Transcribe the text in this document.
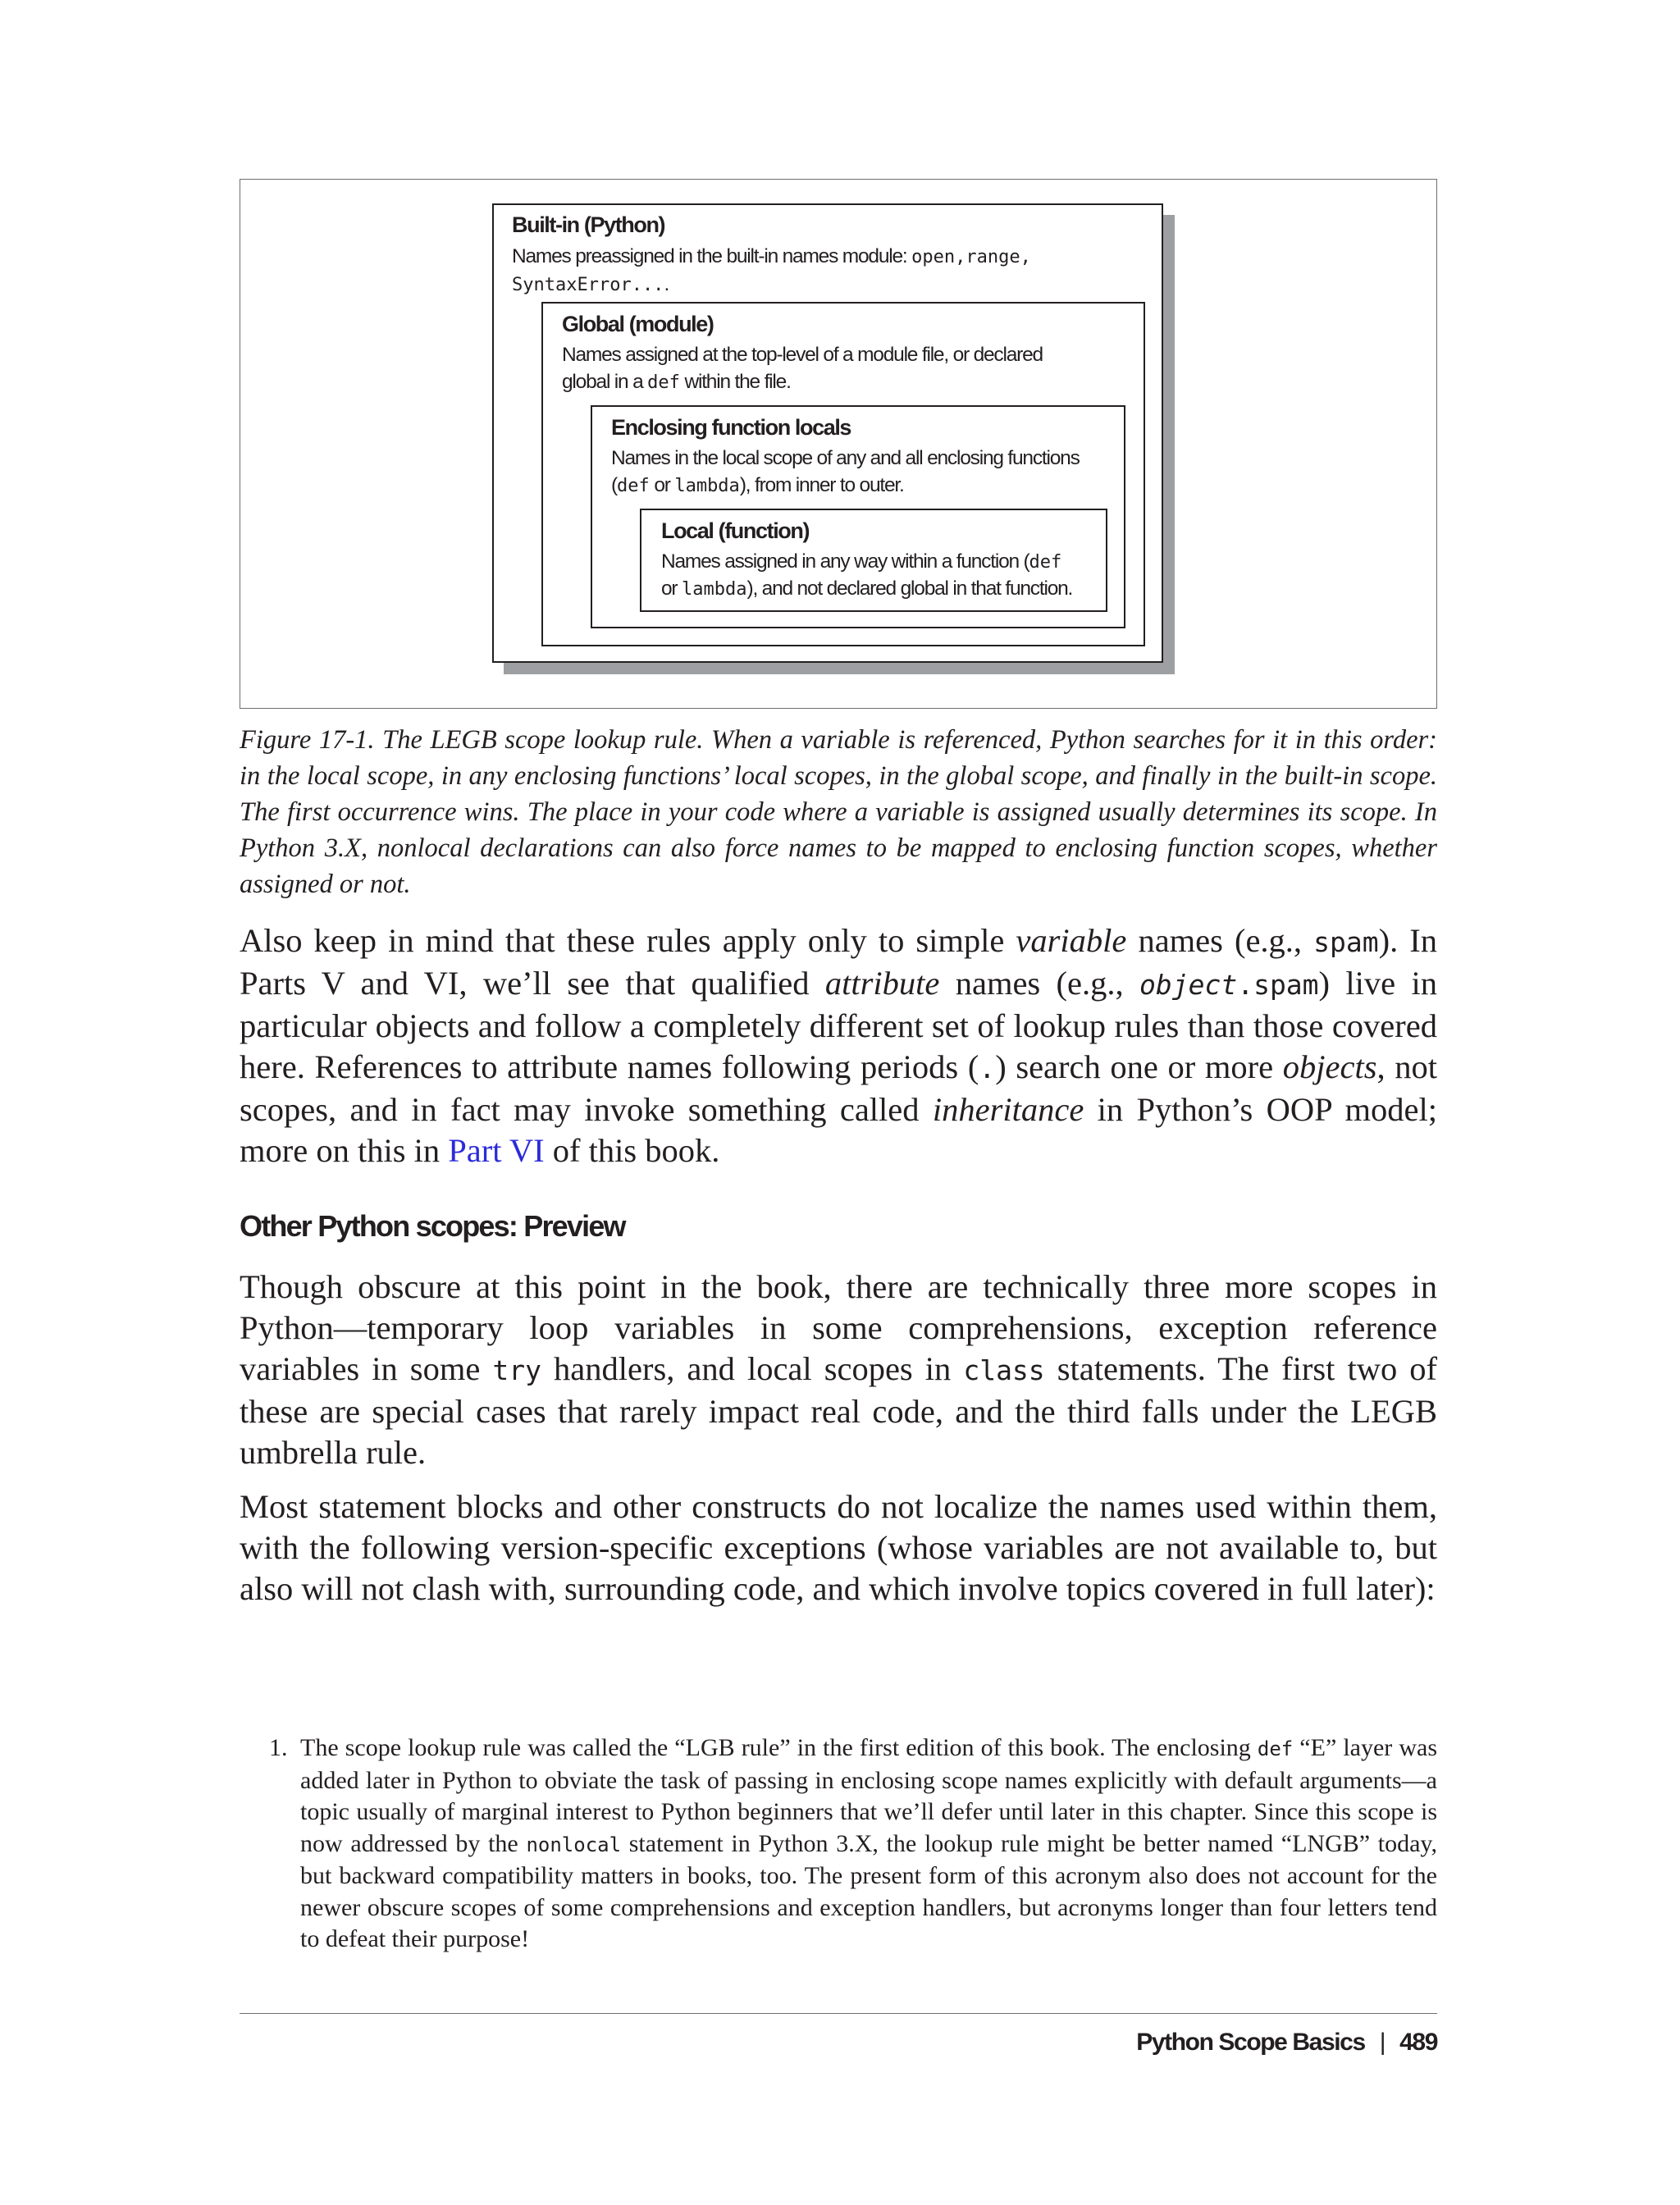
Built-in (Python)
Names preassigned in the built-in names module: open,range,
SyntaxError....
Global (module)
Names assigned at the top-level of a module file, or declared
global in a def within the file.
Enclosing function locals
Names in the local scope of any and all enclosing functions
(def or lambda), from inner to outer.
Local (function)
Names assigned in any way within a function (def
or lambda), and not declared global in that function.
Figure 17-1. The LEGB scope lookup rule. When a variable is referenced, Python searches for it in this order: in the local scope, in any enclosing functions’ local scopes, in the global scope, and finally in the built-in scope. The first occurrence wins. The place in your code where a variable is assigned usually determines its scope. In Python 3.X, nonlocal declarations can also force names to be mapped to enclosing function scopes, whether assigned or not.
Also keep in mind that these rules apply only to simple variable names (e.g., spam). In Parts V and VI, we’ll see that qualified attribute names (e.g., object.spam) live in particular objects and follow a completely different set of lookup rules than those covered here. References to attribute names following periods (.) search one or more objects, not scopes, and in fact may invoke something called inheritance in Python’s OOP model; more on this in Part VI of this book.
Other Python scopes: Preview
Though obscure at this point in the book, there are technically three more scopes in Python—temporary loop variables in some comprehensions, exception reference variables in some try handlers, and local scopes in class statements. The first two of these are special cases that rarely impact real code, and the third falls under the LEGB umbrella rule.
Most statement blocks and other constructs do not localize the names used within them, with the following version-specific exceptions (whose variables are not available to, but also will not clash with, surrounding code, and which involve topics covered in full later):
1. The scope lookup rule was called the “LGB rule” in the first edition of this book. The enclosing def “E” layer was added later in Python to obviate the task of passing in enclosing scope names explicitly with default arguments—a topic usually of marginal interest to Python beginners that we’ll defer until later in this chapter. Since this scope is now addressed by the nonlocal statement in Python 3.X, the lookup rule might be better named “LNGB” today, but backward compatibility matters in books, too. The present form of this acronym also does not account for the newer obscure scopes of some comprehensions and exception handlers, but acronyms longer than four letters tend to defeat their purpose!
Python Scope Basics | 489
